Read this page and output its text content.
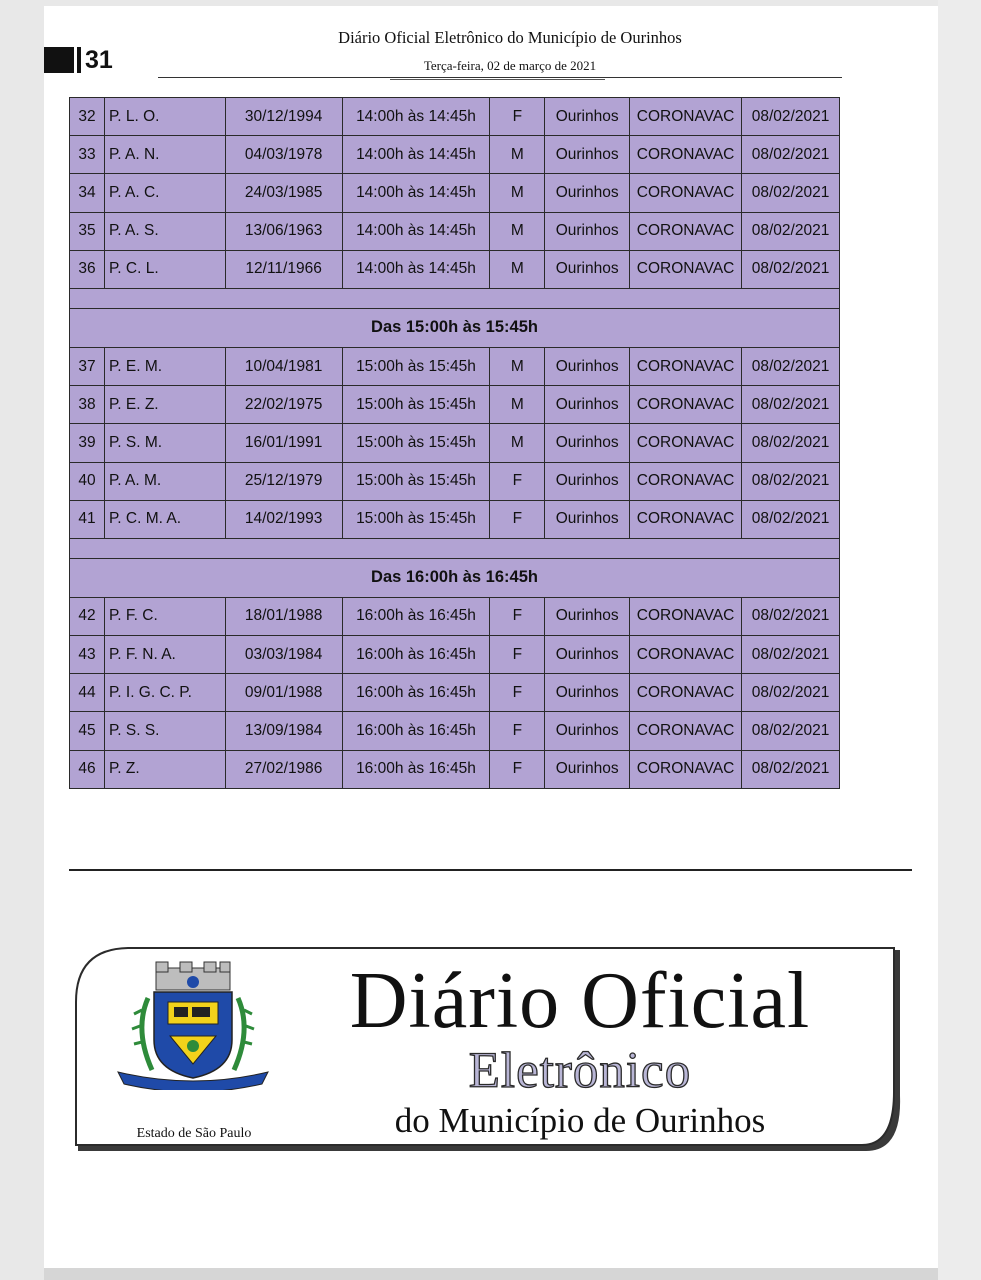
31
Diário Oficial Eletrônico do Município de Ourinhos
Terça-feira, 02 de março de 2021
32	P. L. O.	30/12/1994	14:00h às 14:45h	F	Ourinhos	CORONAVAC	08/02/2021
33	P. A. N.	04/03/1978	14:00h às 14:45h	M	Ourinhos	CORONAVAC	08/02/2021
34	P. A. C.	24/03/1985	14:00h às 14:45h	M	Ourinhos	CORONAVAC	08/02/2021
35	P. A. S.	13/06/1963	14:00h às 14:45h	M	Ourinhos	CORONAVAC	08/02/2021
36	P. C. L.	12/11/1966	14:00h às 14:45h	M	Ourinhos	CORONAVAC	08/02/2021

Das 15:00h às 15:45h							
37	P. E. M.	10/04/1981	15:00h às 15:45h	M	Ourinhos	CORONAVAC	08/02/2021
38	P. E. Z.	22/02/1975	15:00h às 15:45h	M	Ourinhos	CORONAVAC	08/02/2021
39	P. S. M.	16/01/1991	15:00h às 15:45h	M	Ourinhos	CORONAVAC	08/02/2021
40	P. A. M.	25/12/1979	15:00h às 15:45h	F	Ourinhos	CORONAVAC	08/02/2021
41	P. C. M. A.	14/02/1993	15:00h às 15:45h	F	Ourinhos	CORONAVAC	08/02/2021

Das 16:00h às 16:45h							
42	P. F. C.	18/01/1988	16:00h às 16:45h	F	Ourinhos	CORONAVAC	08/02/2021
43	P. F. N. A.	03/03/1984	16:00h às 16:45h	F	Ourinhos	CORONAVAC	08/02/2021
44	P. I. G. C. P.	09/01/1988	16:00h às 16:45h	F	Ourinhos	CORONAVAC	08/02/2021
45	P. S. S.	13/09/1984	16:00h às 16:45h	F	Ourinhos	CORONAVAC	08/02/2021
46	P. Z.	27/02/1986	16:00h às 16:45h	F	Ourinhos	CORONAVAC	08/02/2021
Estado de São Paulo
Diário Oficial
Eletrônico
do Município de Ourinhos
